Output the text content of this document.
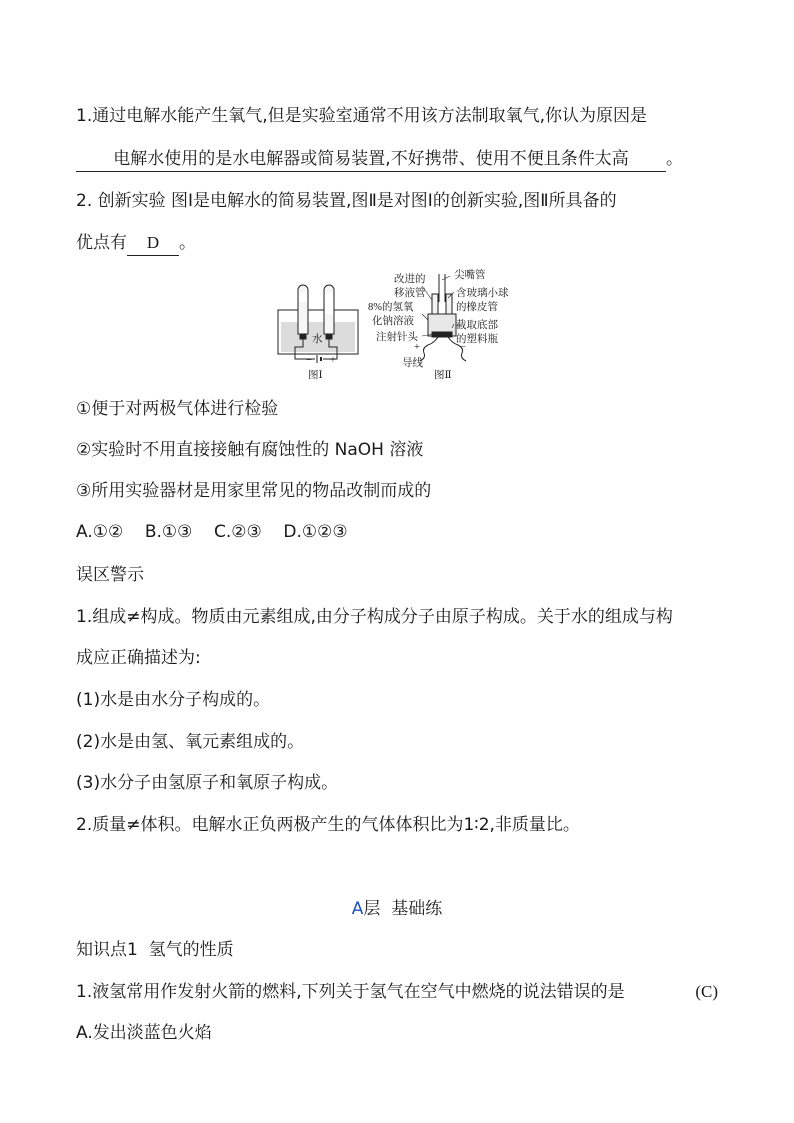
1.通过电解水能产生氧气,但是实验室通常不用该方法制取氧气,你认为原因是
电解水使用的是水电解器或简易装置,不好携带、使用不便且条件太高 。
2. 创新实验 图Ⅰ是电解水的简易装置,图Ⅱ是对图Ⅰ的创新实验,图Ⅱ所具备的
优点有 D 。
水
− +
图Ⅰ
改进的
移液管
8%的氢氧
化钠溶液
注射针头
+	−
导线
图Ⅱ
尖嘴管
含玻璃小球
的橡皮管
截取底部
的塑料瓶
①便于对两极气体进行检验
②实验时不用直接接触有腐蚀性的 NaOH 溶液
③所用实验器材是用家里常见的物品改制而成的
A.①②    B.①③    C.②③    D.①②③
误区警示
1.组成≠构成。物质由元素组成,由分子构成分子由原子构成。关于水的组成与构
成应正确描述为:
(1)水是由水分子构成的。
(2)水是由氢、氧元素组成的。
(3)水分子由氢原子和氧原子构成。
2.质量≠体积。电解水正负两极产生的气体体积比为1∶2,非质量比。
A层  基础练
知识点1  氢气的性质
1.液氢常用作发射火箭的燃料,下列关于氢气在空气中燃烧的说法错误的是	(C)
A.发出淡蓝色火焰
